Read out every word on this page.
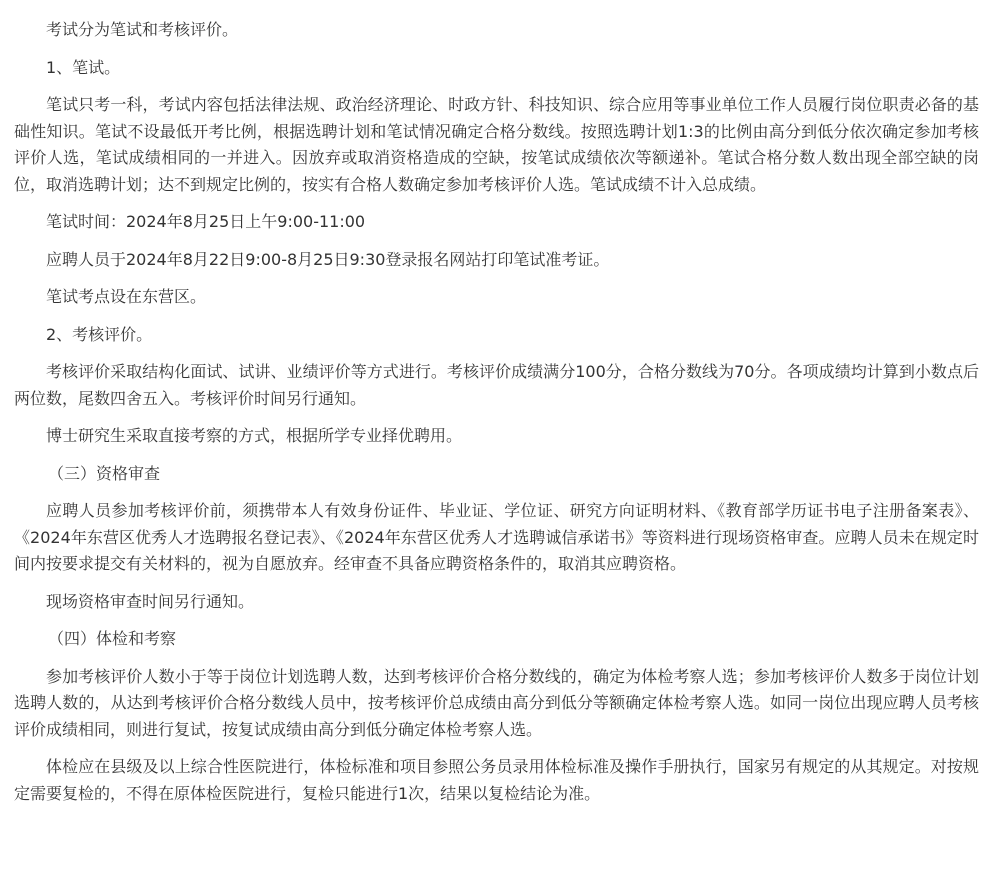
考试分为笔试和考核评价。

1、笔试。

笔试只考一科，考试内容包括法律法规、政治经济理论、时政方针、科技知识、综合应用等事业单位工作人员履行岗位职责必备的基础性知识。笔试不设最低开考比例，根据选聘计划和笔试情况确定合格分数线。按照选聘计划1:3的比例由高分到低分依次确定参加考核评价人选，笔试成绩相同的一并进入。因放弃或取消资格造成的空缺，按笔试成绩依次等额递补。笔试合格分数人数出现全部空缺的岗位，取消选聘计划；达不到规定比例的，按实有合格人数确定参加考核评价人选。笔试成绩不计入总成绩。

笔试时间：2024年8月25日上午9:00-11:00

应聘人员于2024年8月22日9:00-8月25日9:30登录报名网站打印笔试准考证。

笔试考点设在东营区。

2、考核评价。

考核评价采取结构化面试、试讲、业绩评价等方式进行。考核评价成绩满分100分，合格分数线为70分。各项成绩均计算到小数点后两位数，尾数四舍五入。考核评价时间另行通知。

博士研究生采取直接考察的方式，根据所学专业择优聘用。

（三）资格审查

应聘人员参加考核评价前，须携带本人有效身份证件、毕业证、学位证、研究方向证明材料、《教育部学历证书电子注册备案表》、《2024年东营区优秀人才选聘报名登记表》、《2024年东营区优秀人才选聘诚信承诺书》等资料进行现场资格审查。应聘人员未在规定时间内按要求提交有关材料的，视为自愿放弃。经审查不具备应聘资格条件的，取消其应聘资格。

现场资格审查时间另行通知。

（四）体检和考察

参加考核评价人数小于等于岗位计划选聘人数，达到考核评价合格分数线的，确定为体检考察人选；参加考核评价人数多于岗位计划选聘人数的，从达到考核评价合格分数线人员中，按考核评价总成绩由高分到低分等额确定体检考察人选。如同一岗位出现应聘人员考核评价成绩相同，则进行复试，按复试成绩由高分到低分确定体检考察人选。

体检应在县级及以上综合性医院进行，体检标准和项目参照公务员录用体检标准及操作手册执行，国家另有规定的从其规定。对按规定需要复检的，不得在原体检医院进行，复检只能进行1次，结果以复检结论为准。
